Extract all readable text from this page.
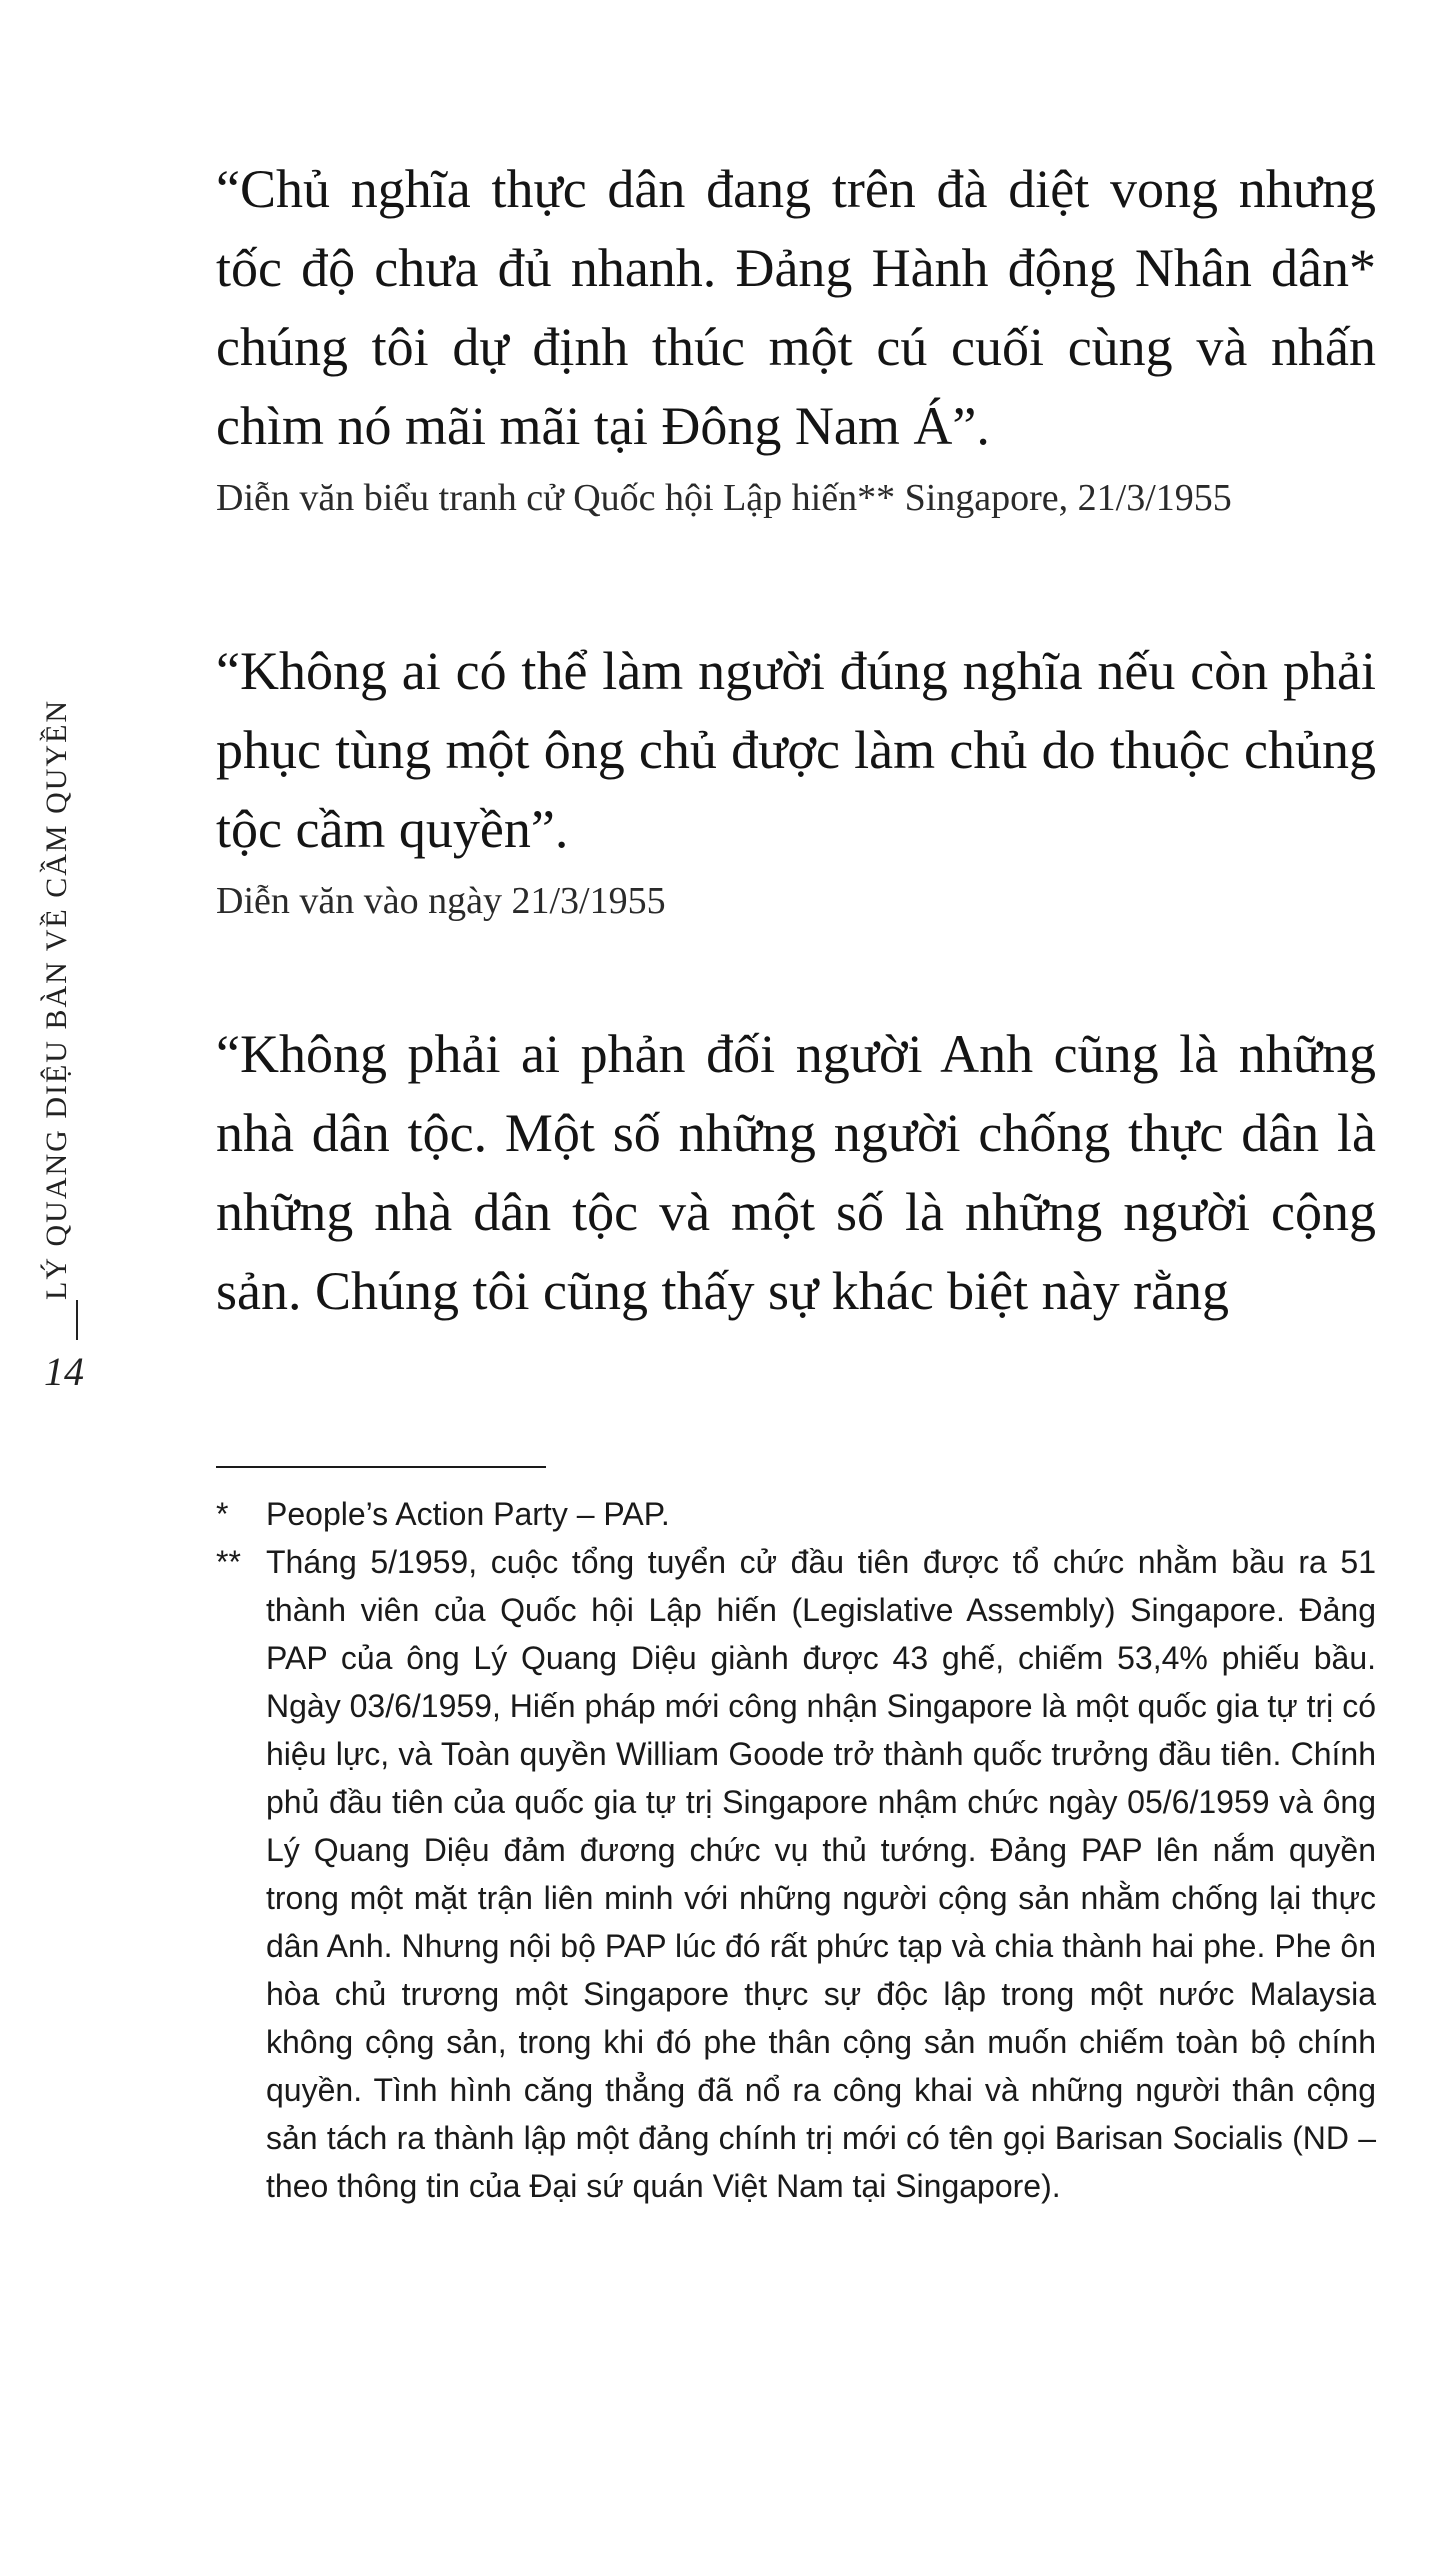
LÝ QUANG DIỆU BÀN VỀ CẦM QUYỀN
14

“Chủ nghĩa thực dân đang trên đà diệt vong nhưng tốc độ chưa đủ nhanh. Đảng Hành động Nhân dân* chúng tôi dự định thúc một cú cuối cùng và nhấn chìm nó mãi mãi tại Đông Nam Á”.

Diễn văn biểu tranh cử Quốc hội Lập hiến** Singapore, 21/3/1955

“Không ai có thể làm người đúng nghĩa nếu còn phải phục tùng một ông chủ được làm chủ do thuộc chủng tộc cầm quyền”.

Diễn văn vào ngày 21/3/1955

“Không phải ai phản đối người Anh cũng là những nhà dân tộc. Một số những người chống thực dân là những nhà dân tộc và một số là những người cộng sản. Chúng tôi cũng thấy sự khác biệt này rằng

*	People’s Action Party – PAP.
** Tháng 5/1959, cuộc tổng tuyển cử đầu tiên được tổ chức nhằm bầu ra 51 thành viên của Quốc hội Lập hiến (Legislative Assembly) Singapore. Đảng PAP của ông Lý Quang Diệu giành được 43 ghế, chiếm 53,4% phiếu bầu. Ngày 03/6/1959, Hiến pháp mới công nhận Singapore là một quốc gia tự trị có hiệu lực, và Toàn quyền William Goode trở thành quốc trưởng đầu tiên. Chính phủ đầu tiên của quốc gia tự trị Singapore nhậm chức ngày 05/6/1959 và ông Lý Quang Diệu đảm đương chức vụ thủ tướng. Đảng PAP lên nắm quyền trong một mặt trận liên minh với những người cộng sản nhằm chống lại thực dân Anh. Nhưng nội bộ PAP lúc đó rất phức tạp và chia thành hai phe. Phe ôn hòa chủ trương một Singapore thực sự độc lập trong một nước Malaysia không cộng sản, trong khi đó phe thân cộng sản muốn chiếm toàn bộ chính quyền. Tình hình căng thẳng đã nổ ra công khai và những người thân cộng sản tách ra thành lập một đảng chính trị mới có tên gọi Barisan Socialis (ND – theo thông tin của Đại sứ quán Việt Nam tại Singapore).
